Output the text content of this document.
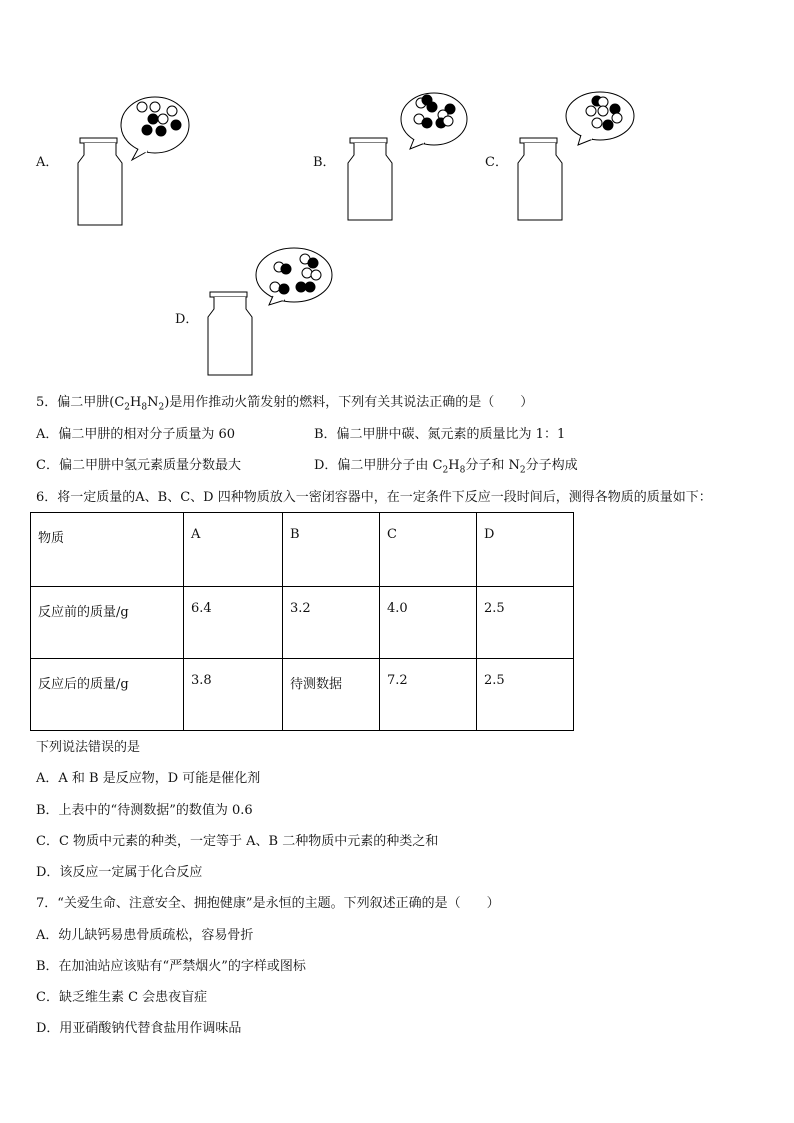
A．	B．	C．
D．
5．偏二甲肼$(C_2H_8N_2)$是用作推动火箭发射的燃料，下列有关其说法正确的是（　　）
A．偏二甲肼的相对分子质量为 60	B．偏二甲肼中碳、氮元素的质量比为 1：1
C．偏二甲肼中氢元素质量分数最大	D．偏二甲肼分子由 $C_2H_8$分子和 $N_2$分子构成
6．将一定质量的A、B、C、D 四种物质放入一密闭容器中，在一定条件下反应一段时间后，测得各物质的质量如下：
物质	A	B	C	D
反应前的质量/g	6.4	3.2	4.0	2.5
反应后的质量/g	3.8	待测数据	7.2	2.5
下列说法错误的是
A．A 和 B 是反应物，D 可能是催化剂
B．上表中的“待测数据”的数值为 0.6
C．C 物质中元素的种类，一定等于 A、B 二种物质中元素的种类之和
D．该反应一定属于化合反应
7．“关爱生命、注意安全、拥抱健康”是永恒的主题。下列叙述正确的是（　　）
A．幼儿缺钙易患骨质疏松，容易骨折
B．在加油站应该贴有“严禁烟火”的字样或图标
C．缺乏维生素 C 会患夜盲症
D．用亚硝酸钠代替食盐用作调味品
